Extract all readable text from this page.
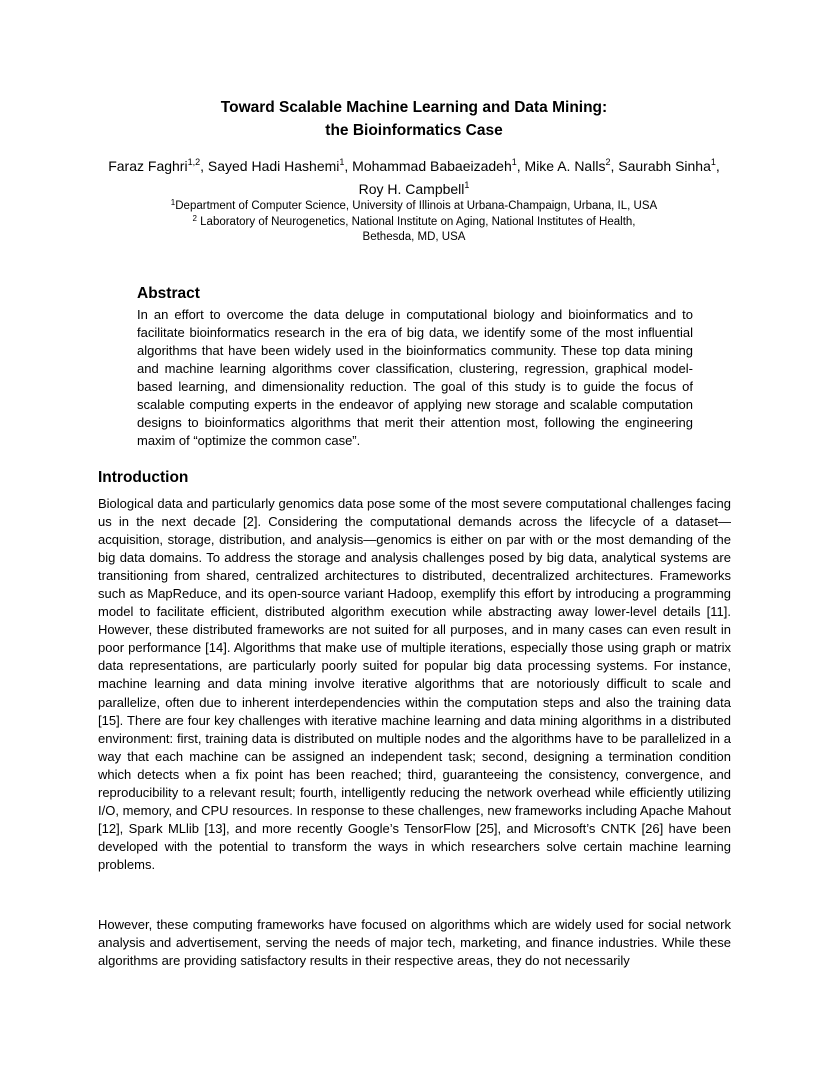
Toward Scalable Machine Learning and Data Mining:
the Bioinformatics Case
Faraz Faghri$^{1,2}$, Sayed Hadi Hashemi$^1$, Mohammad Babaeizadeh$^1$, Mike A. Nalls$^2$, Saurabh Sinha$^1$, Roy H. Campbell$^1$
$^1$Department of Computer Science, University of Illinois at Urbana-Champaign, Urbana, IL, USA
$^2$ Laboratory of Neurogenetics, National Institute on Aging, National Institutes of Health,
Bethesda, MD, USA
Abstract

In an effort to overcome the data deluge in computational biology and bioinformatics and to facilitate bioinformatics research in the era of big data, we identify some of the most influential algorithms that have been widely used in the bioinformatics community. These top data mining and machine learning algorithms cover classification, clustering, regression, graphical model-based learning, and dimensionality reduction. The goal of this study is to guide the focus of scalable computing experts in the endeavor of applying new storage and scalable computation designs to bioinformatics algorithms that merit their attention most, following the engineering maxim of “optimize the common case”.

Introduction

Biological data and particularly genomics data pose some of the most severe computational challenges facing us in the next decade [2]. Considering the computational demands across the lifecycle of a dataset—acquisition, storage, distribution, and analysis—genomics is either on par with or the most demanding of the big data domains. To address the storage and analysis challenges posed by big data, analytical systems are transitioning from shared, centralized architectures to distributed, decentralized architectures. Frameworks such as MapReduce, and its open-source variant Hadoop, exemplify this effort by introducing a programming model to facilitate efficient, distributed algorithm execution while abstracting away lower-level details [11]. However, these distributed frameworks are not suited for all purposes, and in many cases can even result in poor performance [14]. Algorithms that make use of multiple iterations, especially those using graph or matrix data representations, are particularly poorly suited for popular big data processing systems. For instance, machine learning and data mining involve iterative algorithms that are notoriously difficult to scale and parallelize, often due to inherent interdependencies within the computation steps and also the training data [15]. There are four key challenges with iterative machine learning and data mining algorithms in a distributed environment: first, training data is distributed on multiple nodes and the algorithms have to be parallelized in a way that each machine can be assigned an independent task; second, designing a termination condition which detects when a fix point has been reached; third, guaranteeing the consistency, convergence, and reproducibility to a relevant result; fourth, intelligently reducing the network overhead while efficiently utilizing I/O, memory, and CPU resources. In response to these challenges, new frameworks including Apache Mahout [12], Spark MLlib [13], and more recently Google’s TensorFlow [25], and Microsoft’s CNTK [26] have been developed with the potential to transform the ways in which researchers solve certain machine learning problems.

However, these computing frameworks have focused on algorithms which are widely used for social network analysis and advertisement, serving the needs of major tech, marketing, and finance industries. While these algorithms are providing satisfactory results in their respective areas, they do not necessarily
